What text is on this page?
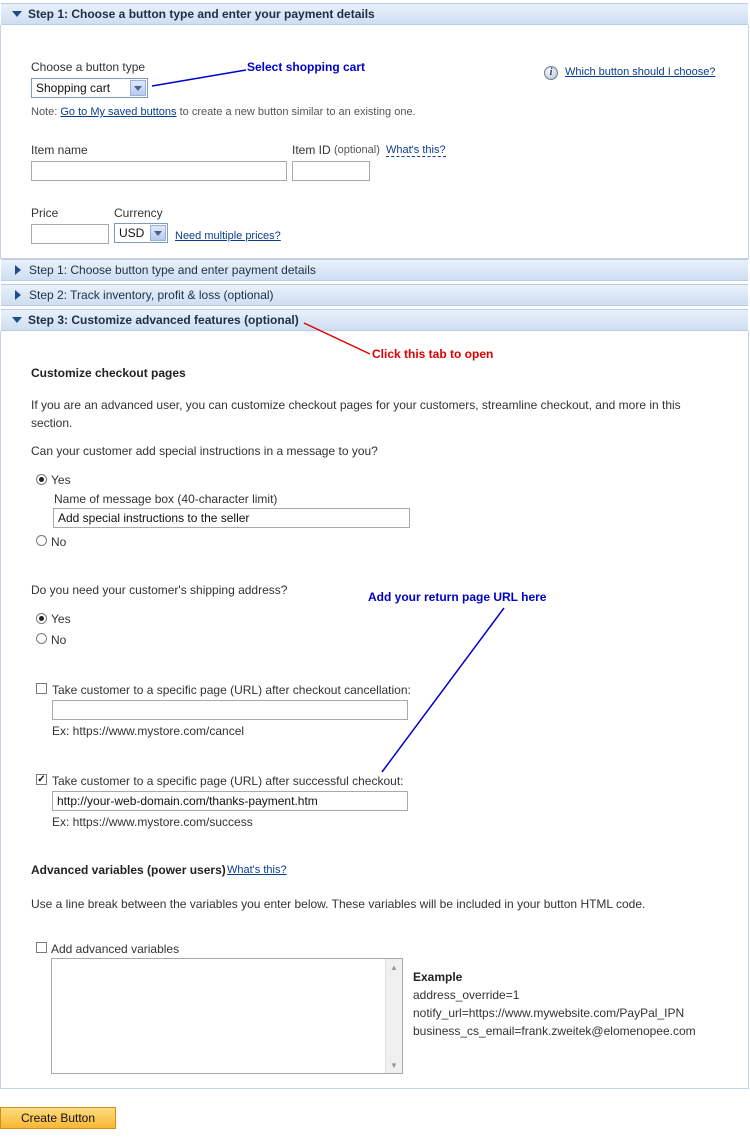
Step 1: Choose a button type and enter your payment details
Choose a button type
Shopping cart
Select shopping cart	i	Which button should I choose?
Note: Go to My saved buttons to create a new button similar to an existing one.
Item name	Item ID (optional) What's this?
Price	Currency
USD	Need multiple prices?
Step 1: Choose button type and enter payment details
Step 2: Track inventory, profit & loss (optional)
Step 3: Customize advanced features (optional)
Click this tab to open
Customize checkout pages
If you are an advanced user, you can customize checkout pages for your customers, streamline checkout, and more in this section.
Can your customer add special instructions in a message to you?
Yes
Name of message box (40-character limit)
Add special instructions to the seller
No
Do you need your customer's shipping address?
Yes
No
Add your return page URL here
Take customer to a specific page (URL) after checkout cancellation:
Ex: https://www.mystore.com/cancel
✓ Take customer to a specific page (URL) after successful checkout:
http://your-web-domain.com/thanks-payment.htm
Ex: https://www.mystore.com/success
Advanced variables (power users) What's this?
Use a line break between the variables you enter below. These variables will be included in your button HTML code.
Add advanced variables
▲
▼
Example
address_override=1
notify_url=https://www.mywebsite.com/PayPal_IPN
business_cs_email=frank.zweitek@elomenopee.com
Create Button
